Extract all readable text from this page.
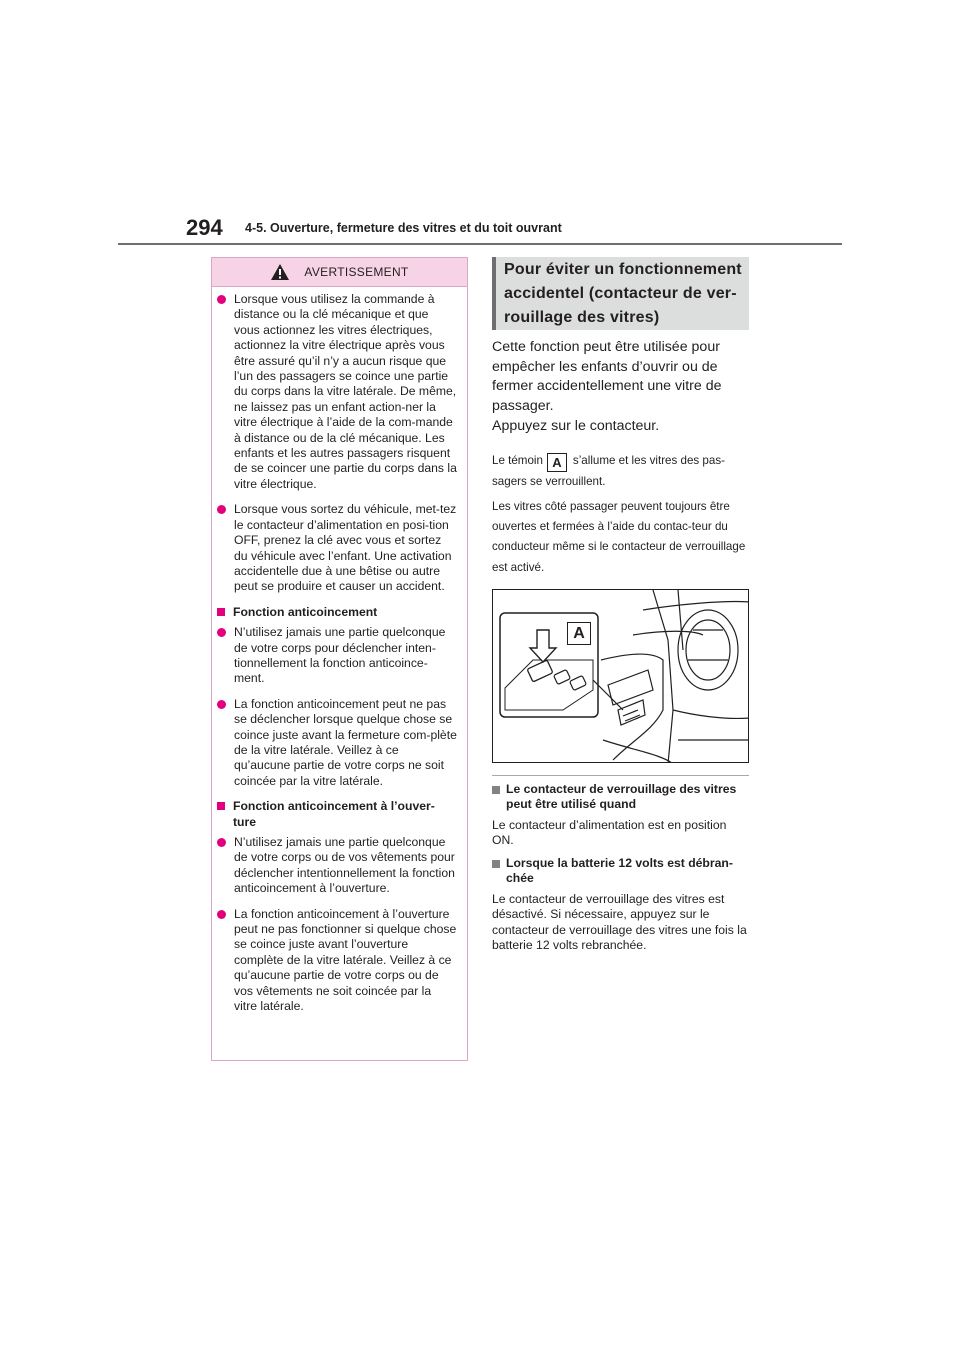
294 4-5. Ouverture, fermeture des vitres et du toit ouvrant
AVERTISSEMENT
Lorsque vous utilisez la commande à distance ou la clé mécanique et que vous actionnez les vitres électriques, actionnez la vitre électrique après vous être assuré qu’il n’y a aucun risque que l’un des passagers se coince une partie du corps dans la vitre latérale. De même, ne laissez pas un enfant action-ner la vitre électrique à l’aide de la com-mande à distance ou de la clé mécanique. Les enfants et les autres passagers risquent de se coincer une partie du corps dans la vitre électrique.
Lorsque vous sortez du véhicule, met-tez le contacteur d’alimentation en posi-tion OFF, prenez la clé avec vous et sortez du véhicule avec l’enfant. Une activation accidentelle due à une bêtise ou autre peut se produire et causer un accident.
Fonction anticoincement
N’utilisez jamais une partie quelconque de votre corps pour déclencher inten-tionnellement la fonction anticoince-ment.
La fonction anticoincement peut ne pas se déclencher lorsque quelque chose se coince juste avant la fermeture com-plète de la vitre latérale. Veillez à ce qu’aucune partie de votre corps ne soit coincée par la vitre latérale.
Fonction anticoincement à l’ouver-ture
N’utilisez jamais une partie quelconque de votre corps ou de vos vêtements pour déclencher intentionnellement la fonction anticoincement à l’ouverture.
La fonction anticoincement à l’ouverture peut ne pas fonctionner si quelque chose se coince juste avant l’ouverture complète de la vitre latérale. Veillez à ce qu’aucune partie de votre corps ou de vos vêtements ne soit coincée par la vitre latérale.
Pour éviter un fonctionnement accidentel (contacteur de ver-rouillage des vitres)
Cette fonction peut être utilisée pour empêcher les enfants d’ouvrir ou de fermer accidentellement une vitre de passager.
Appuyez sur le contacteur.
Le témoin A s’allume et les vitres des pas-sagers se verrouillent.
Les vitres côté passager peuvent toujours être ouvertes et fermées à l’aide du contac-teur du conducteur même si le contacteur de verrouillage est activé.
A
Le contacteur de verrouillage des vitres peut être utilisé quand
Le contacteur d’alimentation est en position ON.
Lorsque la batterie 12 volts est débran-chée
Le contacteur de verrouillage des vitres est désactivé. Si nécessaire, appuyez sur le contacteur de verrouillage des vitres une fois la batterie 12 volts rebranchée.
